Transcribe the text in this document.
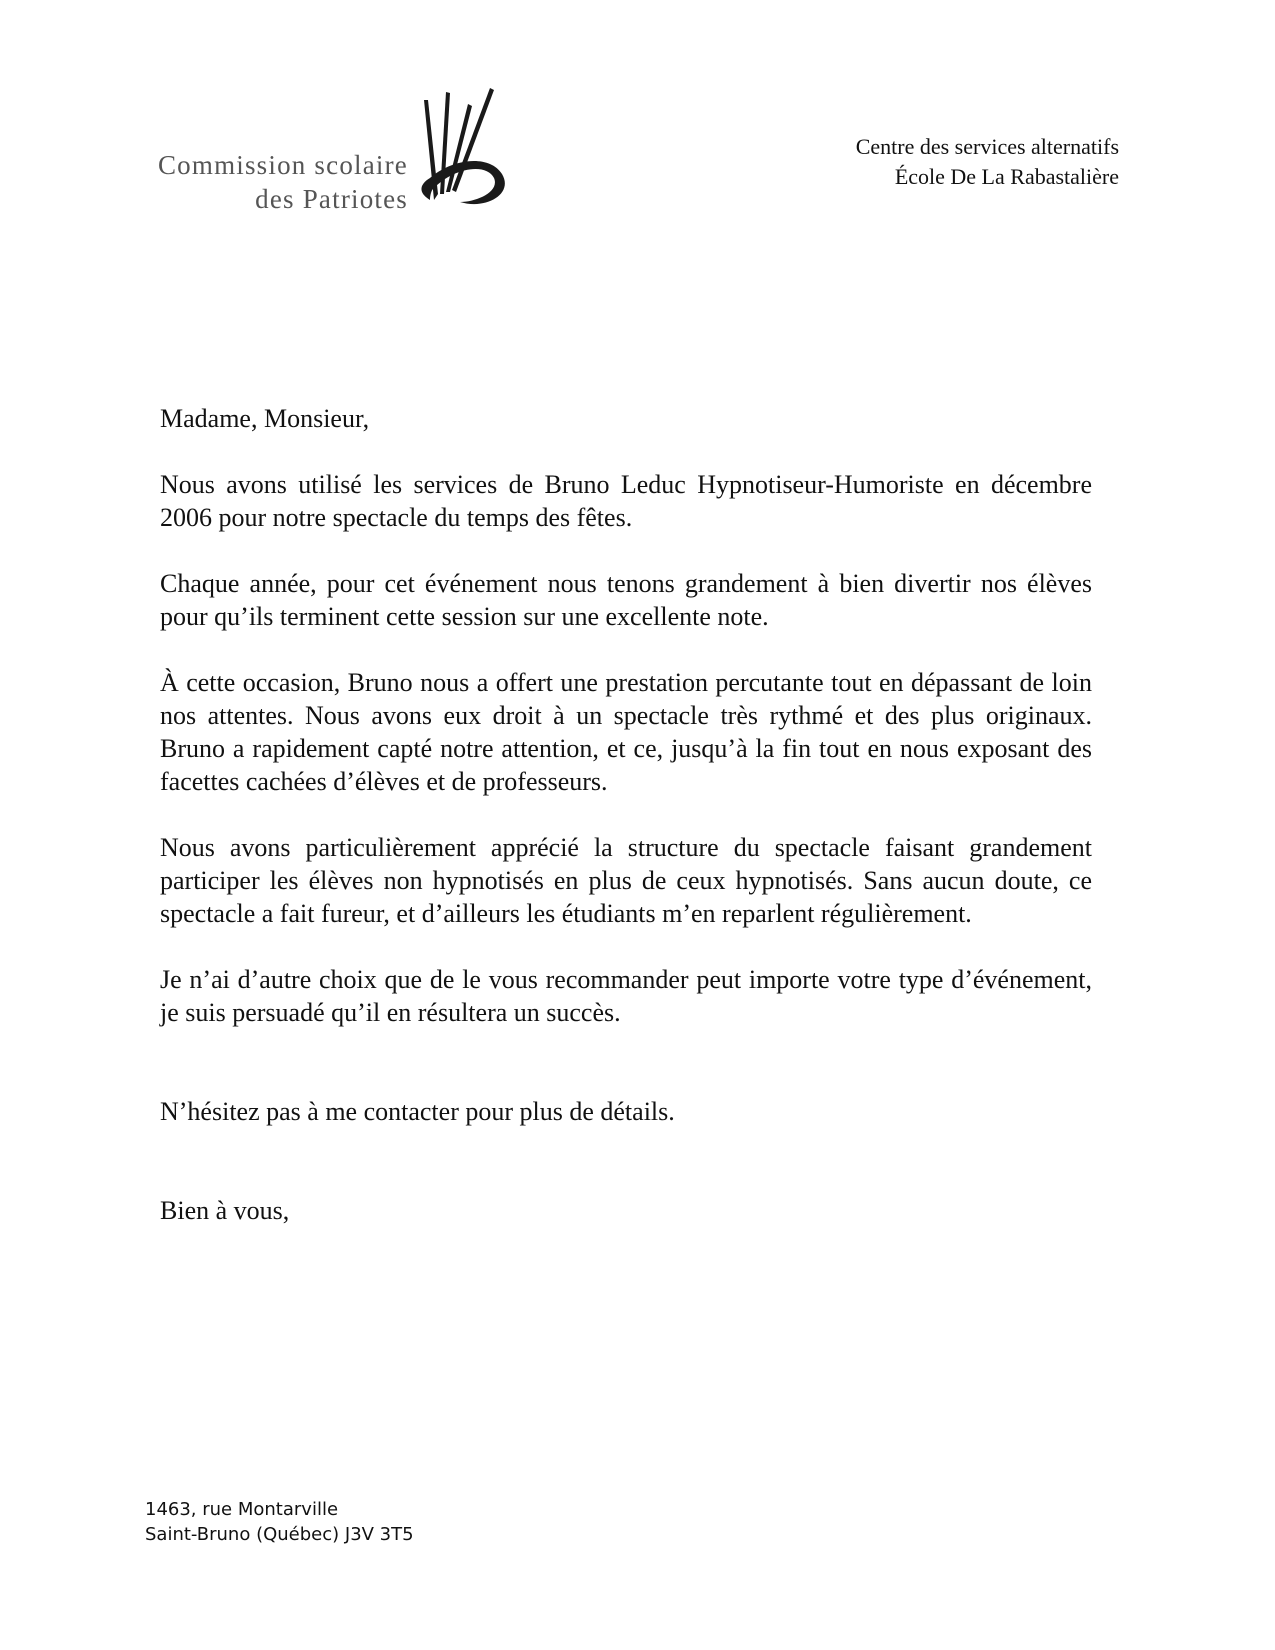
Commission scolaire
des Patriotes
Centre des services alternatifs
École De La Rabastalière

Madame, Monsieur,

Nous avons utilisé les services de Bruno Leduc Hypnotiseur-Humoriste en décembre 2006 pour notre spectacle du temps des fêtes.

Chaque année, pour cet événement nous tenons grandement à bien divertir nos élèves pour qu’ils terminent cette session sur une excellente note.

À cette occasion, Bruno nous a offert une prestation percutante tout en dépassant de loin nos attentes. Nous avons eux droit à un spectacle très rythmé et des plus originaux. Bruno a rapidement capté notre attention, et ce, jusqu’à la fin tout en nous exposant des facettes cachées d’élèves et de professeurs.

Nous avons particulièrement apprécié la structure du spectacle faisant grandement participer les élèves non hypnotisés en plus de ceux hypnotisés. Sans aucun doute, ce spectacle a fait fureur, et d’ailleurs les étudiants m’en reparlent régulièrement.

Je n’ai d’autre choix que de le vous recommander peut importe votre type d’événement, je suis persuadé qu’il en résultera un succès.

N’hésitez pas à me contacter pour plus de détails.

Bien à vous,

1463, rue Montarville
Saint-Bruno (Québec) J3V 3T5
